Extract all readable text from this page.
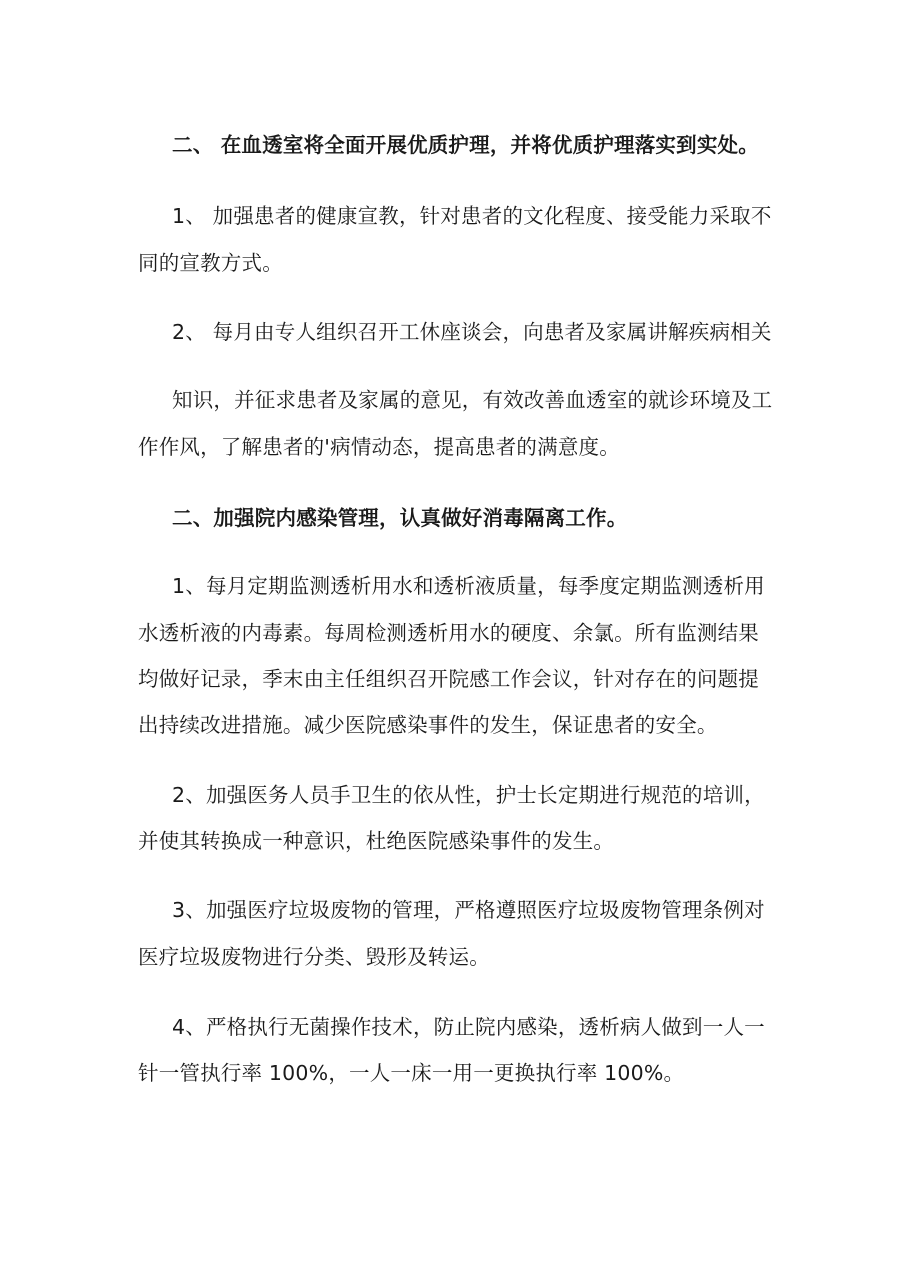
二、 在血透室将全面开展优质护理，并将优质护理落实到实处。
1、 加强患者的健康宣教，针对患者的文化程度、接受能力采取不
同的宣教方式。
2、 每月由专人组织召开工休座谈会，向患者及家属讲解疾病相关
知识，并征求患者及家属的意见，有效改善血透室的就诊环境及工
作作风，了解患者的'病情动态，提高患者的满意度。
二、加强院内感染管理，认真做好消毒隔离工作。
1、每月定期监测透析用水和透析液质量，每季度定期监测透析用
水透析液的内毒素。每周检测透析用水的硬度、余氯。所有监测结果
均做好记录，季末由主任组织召开院感工作会议，针对存在的问题提
出持续改进措施。减少医院感染事件的发生，保证患者的安全。
2、加强医务人员手卫生的依从性，护士长定期进行规范的培训，
并使其转换成一种意识，杜绝医院感染事件的发生。
3、加强医疗垃圾废物的管理，严格遵照医疗垃圾废物管理条例对
医疗垃圾废物进行分类、毁形及转运。
4、严格执行无菌操作技术，防止院内感染，透析病人做到一人一
针一管执行率 100%，一人一床一用一更换执行率 100%。
